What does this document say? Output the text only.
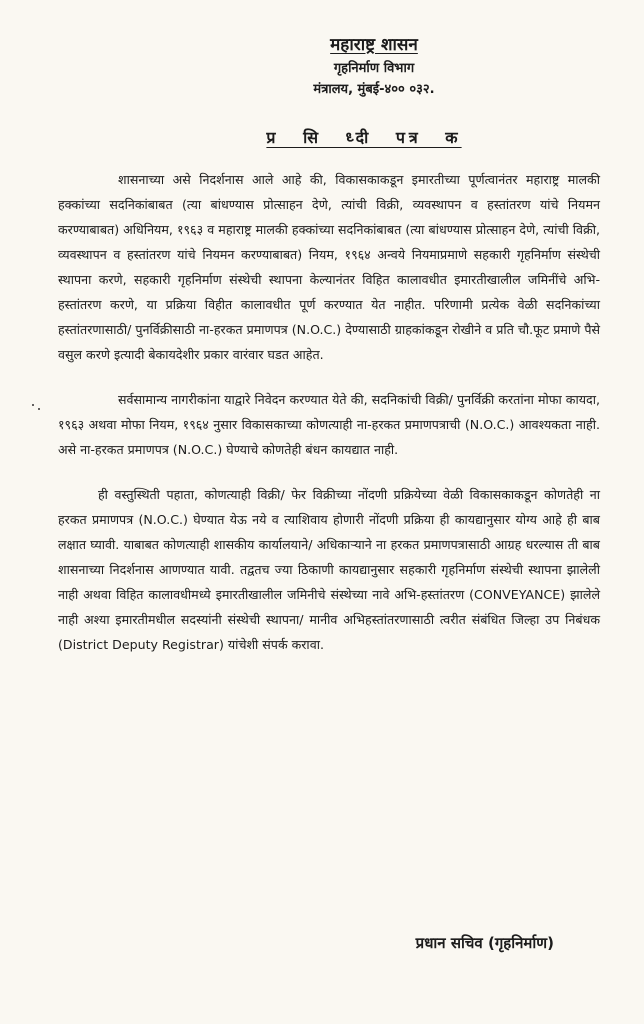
महाराष्ट्र शासन

गृहनिर्माण विभाग

मंत्रालय, मुंबई-४०० ०३२.

प्र सि ध्दी पत्र क

शासनाच्या असे निदर्शनास आले आहे की, विकासकाकडून इमारतीच्या पूर्णत्वानंतर महाराष्ट्र मालकी हक्कांच्या सदनिकांबाबत (त्या बांधण्यास प्रोत्साहन देणे, त्यांची विक्री, व्यवस्थापन व हस्तांतरण यांचे नियमन करण्याबाबत) अधिनियम, १९६३ व महाराष्ट्र मालकी हक्कांच्या सदनिकांबाबत (त्या बांधण्यास प्रोत्साहन देणे, त्यांची विक्री, व्यवस्थापन व हस्तांतरण यांचे नियमन करण्याबाबत) नियम, १९६४ अन्वये नियमाप्रमाणे सहकारी गृहनिर्माण संस्थेची स्थापना करणे, सहकारी गृहनिर्माण संस्थेची स्थापना केल्यानंतर विहित कालावधीत इमारतीखालील जमिनींचे अभि-हस्तांतरण करणे, या प्रक्रिया विहीत कालावधीत पूर्ण करण्यात येत नाहीत. परिणामी प्रत्येक वेळी सदनिकांच्या हस्तांतरणासाठी/ पुनर्विक्रीसाठी ना-हरकत प्रमाणपत्र (N.O.C.) देण्यासाठी ग्राहकांकडून रोखीने व प्रति चौ.फूट प्रमाणे पैसे वसुल करणे इत्यादी बेकायदेशीर प्रकार वारंवार घडत आहेत.

सर्वसामान्य नागरीकांना याद्वारे निवेदन करण्यात येते की, सदनिकांची विक्री/ पुनर्विक्री करतांना मोफा कायदा, १९६३ अथवा मोफा नियम, १९६४ नुसार विकासकाच्या कोणत्याही ना-हरकत प्रमाणपत्राची (N.O.C.) आवश्यकता नाही. असे ना-हरकत प्रमाणपत्र (N.O.C.) घेण्याचे कोणतेही बंधन कायद्यात नाही.

ही वस्तुस्थिती पहाता, कोणत्याही विक्री/ फेर विक्रीच्या नोंदणी प्रक्रियेच्या वेळी विकासकाकडून कोणतेही ना हरकत प्रमाणपत्र (N.O.C.) घेण्यात येऊ नये व त्याशिवाय होणारी नोंदणी प्रक्रिया ही कायद्यानुसार योग्य आहे ही बाब लक्षात घ्यावी. याबाबत कोणत्याही शासकीय कार्यालयाने/ अधिकाऱ्याने ना हरकत प्रमाणपत्रासाठी आग्रह धरल्यास ती बाब शासनाच्या निदर्शनास आणण्यात यावी. तद्वतच ज्या ठिकाणी कायद्यानुसार सहकारी गृहनिर्माण संस्थेची स्थापना झालेली नाही अथवा विहित कालावधीमध्ये इमारतीखालील जमिनीचे संस्थेच्या नावे अभि-हस्तांतरण (CONVEYANCE) झालेले नाही अश्या इमारतीमधील सदस्यांनी संस्थेची स्थापना/ मानीव अभिहस्तांतरणासाठी त्वरीत संबंधित जिल्हा उप निबंधक (District Deputy Registrar) यांचेशी संपर्क करावा.

प्रधान सचिव (गृहनिर्माण)
